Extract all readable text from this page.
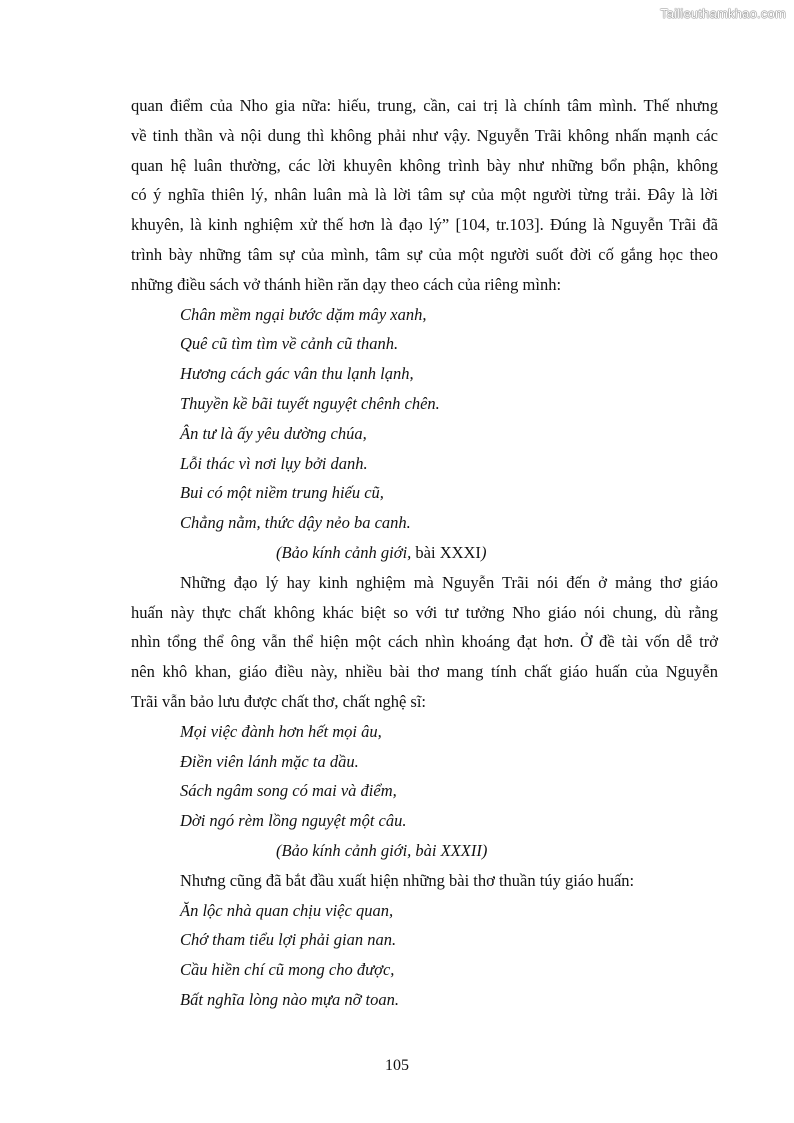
Tailieuthamkhao.com

quan điểm của Nho gia nữa: hiếu, trung, cần, cai trị là chính tâm mình. Thế nhưng
về tinh thần và nội dung thì không phải như vậy. Nguyễn Trãi không nhấn mạnh các
quan hệ luân thường, các lời khuyên không trình bày như những bổn phận, không
có ý nghĩa thiên lý, nhân luân mà là lời tâm sự của một người từng trải. Đây là lời
khuyên, là kinh nghiệm xử thế hơn là đạo lý” [104, tr.103]. Đúng là Nguyễn Trãi đã
trình bày những tâm sự của mình, tâm sự của một người suốt đời cố gắng học theo
những điều sách vở thánh hiền răn dạy theo cách của riêng mình:

Chân mềm ngại bước dặm mây xanh,
Quê cũ tìm tìm về cảnh cũ thanh.
Hương cách gác vân thu lạnh lạnh,
Thuyền kề bãi tuyết nguyệt chênh chên.
Ân tư là ấy yêu dường chúa,
Lỗi thác vì nơi lụy bởi danh.
Bui có một niềm trung hiếu cũ,
Chẳng nằm, thức dậy nẻo ba canh.
(Bảo kính cảnh giới, bài XXXI)

Những đạo lý hay kinh nghiệm mà Nguyễn Trãi nói đến ở mảng thơ giáo
huấn này thực chất không khác biệt so với tư tưởng Nho giáo nói chung, dù rằng
nhìn tổng thể ông vẫn thể hiện một cách nhìn khoáng đạt hơn. Ở đề tài vốn dễ trở
nên khô khan, giáo điều này, nhiều bài thơ mang tính chất giáo huấn của Nguyễn
Trãi vẫn bảo lưu được chất thơ, chất nghệ sĩ:

Mọi việc đành hơn hết mọi âu,
Điền viên lánh mặc ta dầu.
Sách ngâm song có mai và điểm,
Dời ngó rèm lồng nguyệt một câu.
(Bảo kính cảnh giới, bài XXXII)
Nhưng cũng đã bắt đầu xuất hiện những bài thơ thuần túy giáo huấn:
Ăn lộc nhà quan chịu việc quan,
Chớ tham tiểu lợi phải gian nan.
Cầu hiền chí cũ mong cho được,
Bất nghĩa lòng nào mựa nỡ toan.
105
